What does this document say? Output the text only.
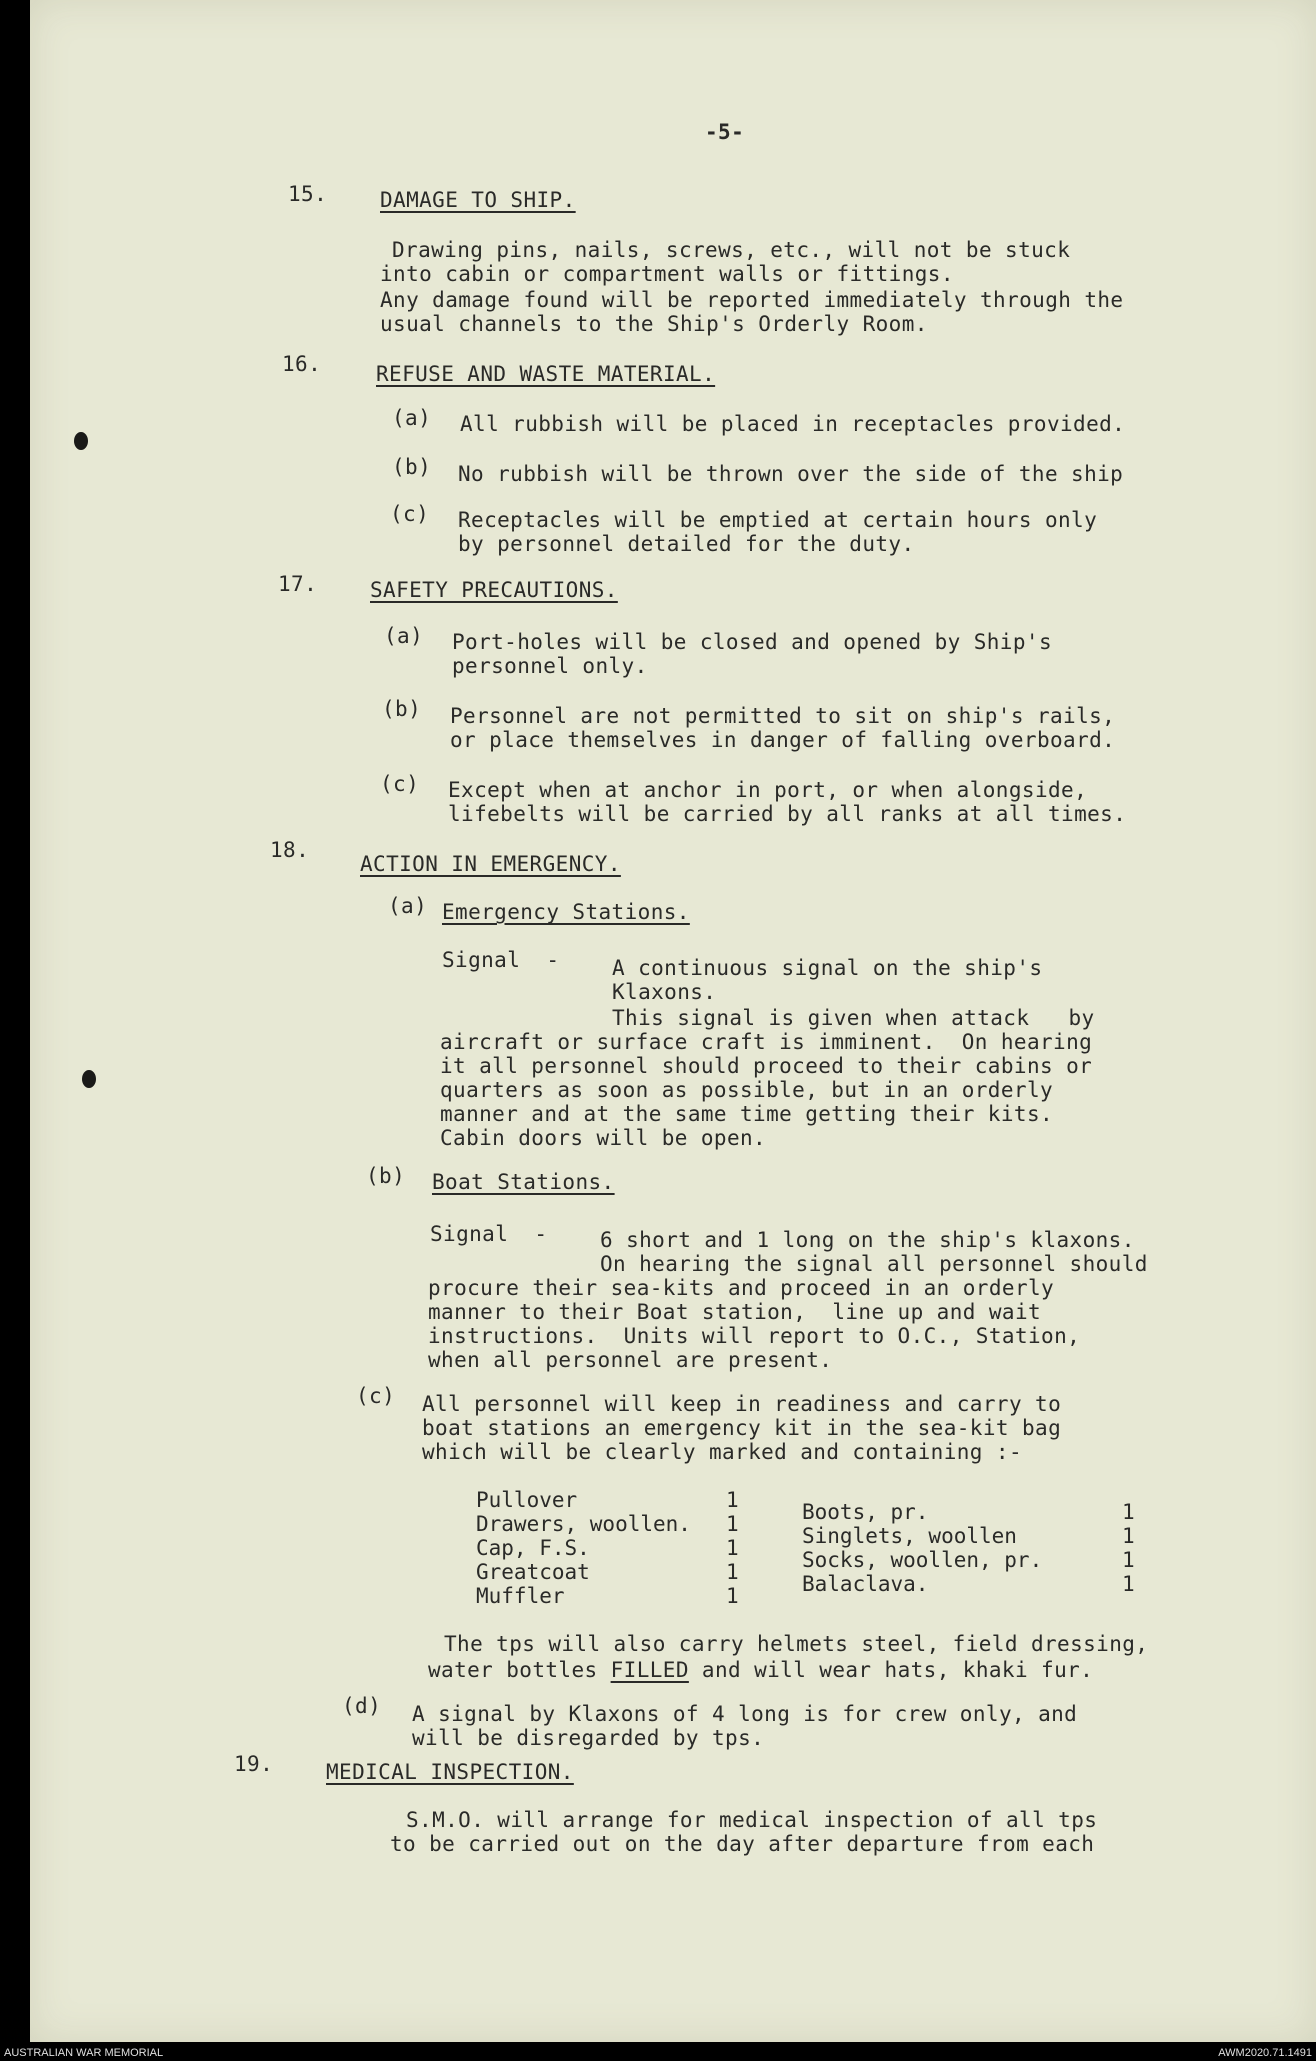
-5-
15.	DAMAGE TO SHIP.
Drawing pins, nails, screws, etc., will not be stuck
into cabin or compartment walls or fittings.
Any damage found will be reported immediately through the
usual channels to the Ship's Orderly Room.
16.	REFUSE AND WASTE MATERIAL.
(a) All rubbish will be placed in receptacles provided.
(b) No rubbish will be thrown over the side of the ship
(c) Receptacles will be emptied at certain hours only
by personnel detailed for the duty.
17.	SAFETY PRECAUTIONS.
(a) Port-holes will be closed and opened by Ship's
personnel only.
(b) Personnel are not permitted to sit on ship's rails,
or place themselves in danger of falling overboard.
(c) Except when at anchor in port, or when alongside,
lifebelts will be carried by all ranks at all times.
18.
ACTION IN EMERGENCY.
(a) Emergency Stations.
Signal  -	A continuous signal on the ship's
Klaxons.
This signal is given when attack   by
aircraft or surface craft is imminent.  On hearing
it all personnel should proceed to their cabins or
quarters as soon as possible, but in an orderly
manner and at the same time getting their kits.
Cabin doors will be open.
(b) Boat Stations.
Signal  -	6 short and 1 long on the ship's klaxons.
On hearing the signal all personnel should
procure their sea-kits and proceed in an orderly
manner to their Boat station,  line up and wait
instructions.  Units will report to O.C., Station,
when all personnel are present.
(c) All personnel will keep in readiness and carry to
boat stations an emergency kit in the sea-kit bag
which will be clearly marked and containing :-
Pullover	1
Drawers, woollen.	1
Cap, F.S.	1
Greatcoat	1
Muffler	1
Boots, pr.	1
Singlets, woollen	1
Socks, woollen, pr.	1
Balaclava.	1
The tps will also carry helmets steel, field dressing,
water bottles FILLED and will wear hats, khaki fur.
(d) A signal by Klaxons of 4 long is for crew only, and
will be disregarded by tps.
19.	MEDICAL INSPECTION.
S.M.O. will arrange for medical inspection of all tps
to be carried out on the day after departure from each
AUSTRALIAN WAR MEMORIAL	AWM2020.71.1491
